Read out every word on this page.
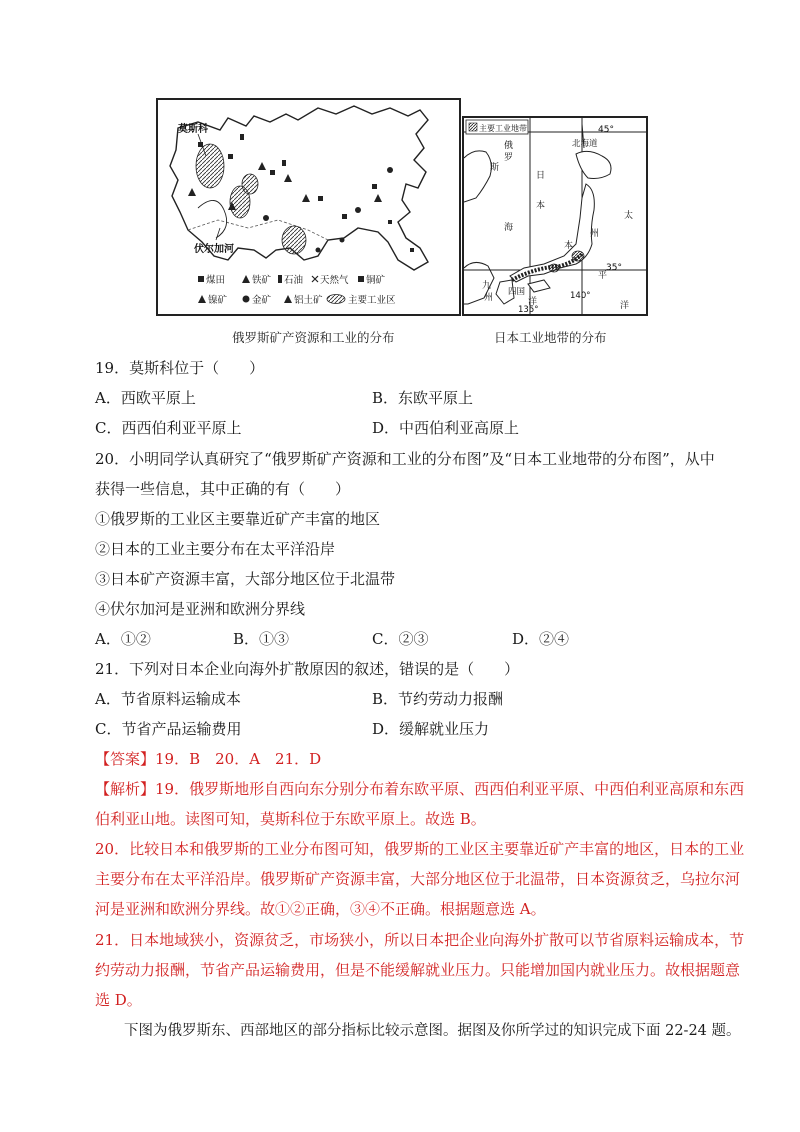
莫斯科
伏尔加河
煤田	铁矿 石油 天然气 铜矿
镍矿	金矿 铝土矿	主要工业区
主要工业地带	45°
北海道
俄
罗
斯
日
本
海
太
平
洋
本
州
35°
九
州
四国
洋
135°
140°
俄罗斯矿产资源和工业的分布	日本工业地带的分布
19．莫斯科位于（　　）
A．西欧平原上	B．东欧平原上
C．西西伯利亚平原上	D．中西伯利亚高原上
20．小明同学认真研究了“俄罗斯矿产资源和工业的分布图”及“日本工业地带的分布图”，从中
获得一些信息，其中正确的有（　　）
①俄罗斯的工业区主要靠近矿产丰富的地区
②日本的工业主要分布在太平洋沿岸
③日本矿产资源丰富，大部分地区位于北温带
④伏尔加河是亚洲和欧洲分界线
A．①②	B．①③	C．②③	D．②④
21．下列对日本企业向海外扩散原因的叙述，错误的是（　　）
A．节省原料运输成本	B．节约劳动力报酬
C．节省产品运输费用	D．缓解就业压力
【答案】19．B　20．A　21．D
【解析】19．俄罗斯地形自西向东分别分布着东欧平原、西西伯利亚平原、中西伯利亚高原和东西
伯利亚山地。读图可知，莫斯科位于东欧平原上。故选 B。
20．比较日本和俄罗斯的工业分布图可知，俄罗斯的工业区主要靠近矿产丰富的地区，日本的工业
主要分布在太平洋沿岸。俄罗斯矿产资源丰富，大部分地区位于北温带，日本资源贫乏，乌拉尔河
河是亚洲和欧洲分界线。故①②正确，③④不正确。根据题意选 A。
21．日本地域狭小，资源贫乏，市场狭小，所以日本把企业向海外扩散可以节省原料运输成本，节
约劳动力报酬，节省产品运输费用，但是不能缓解就业压力。只能增加国内就业压力。故根据题意
选 D。
下图为俄罗斯东、西部地区的部分指标比较示意图。据图及你所学过的知识完成下面 22-24 题。
